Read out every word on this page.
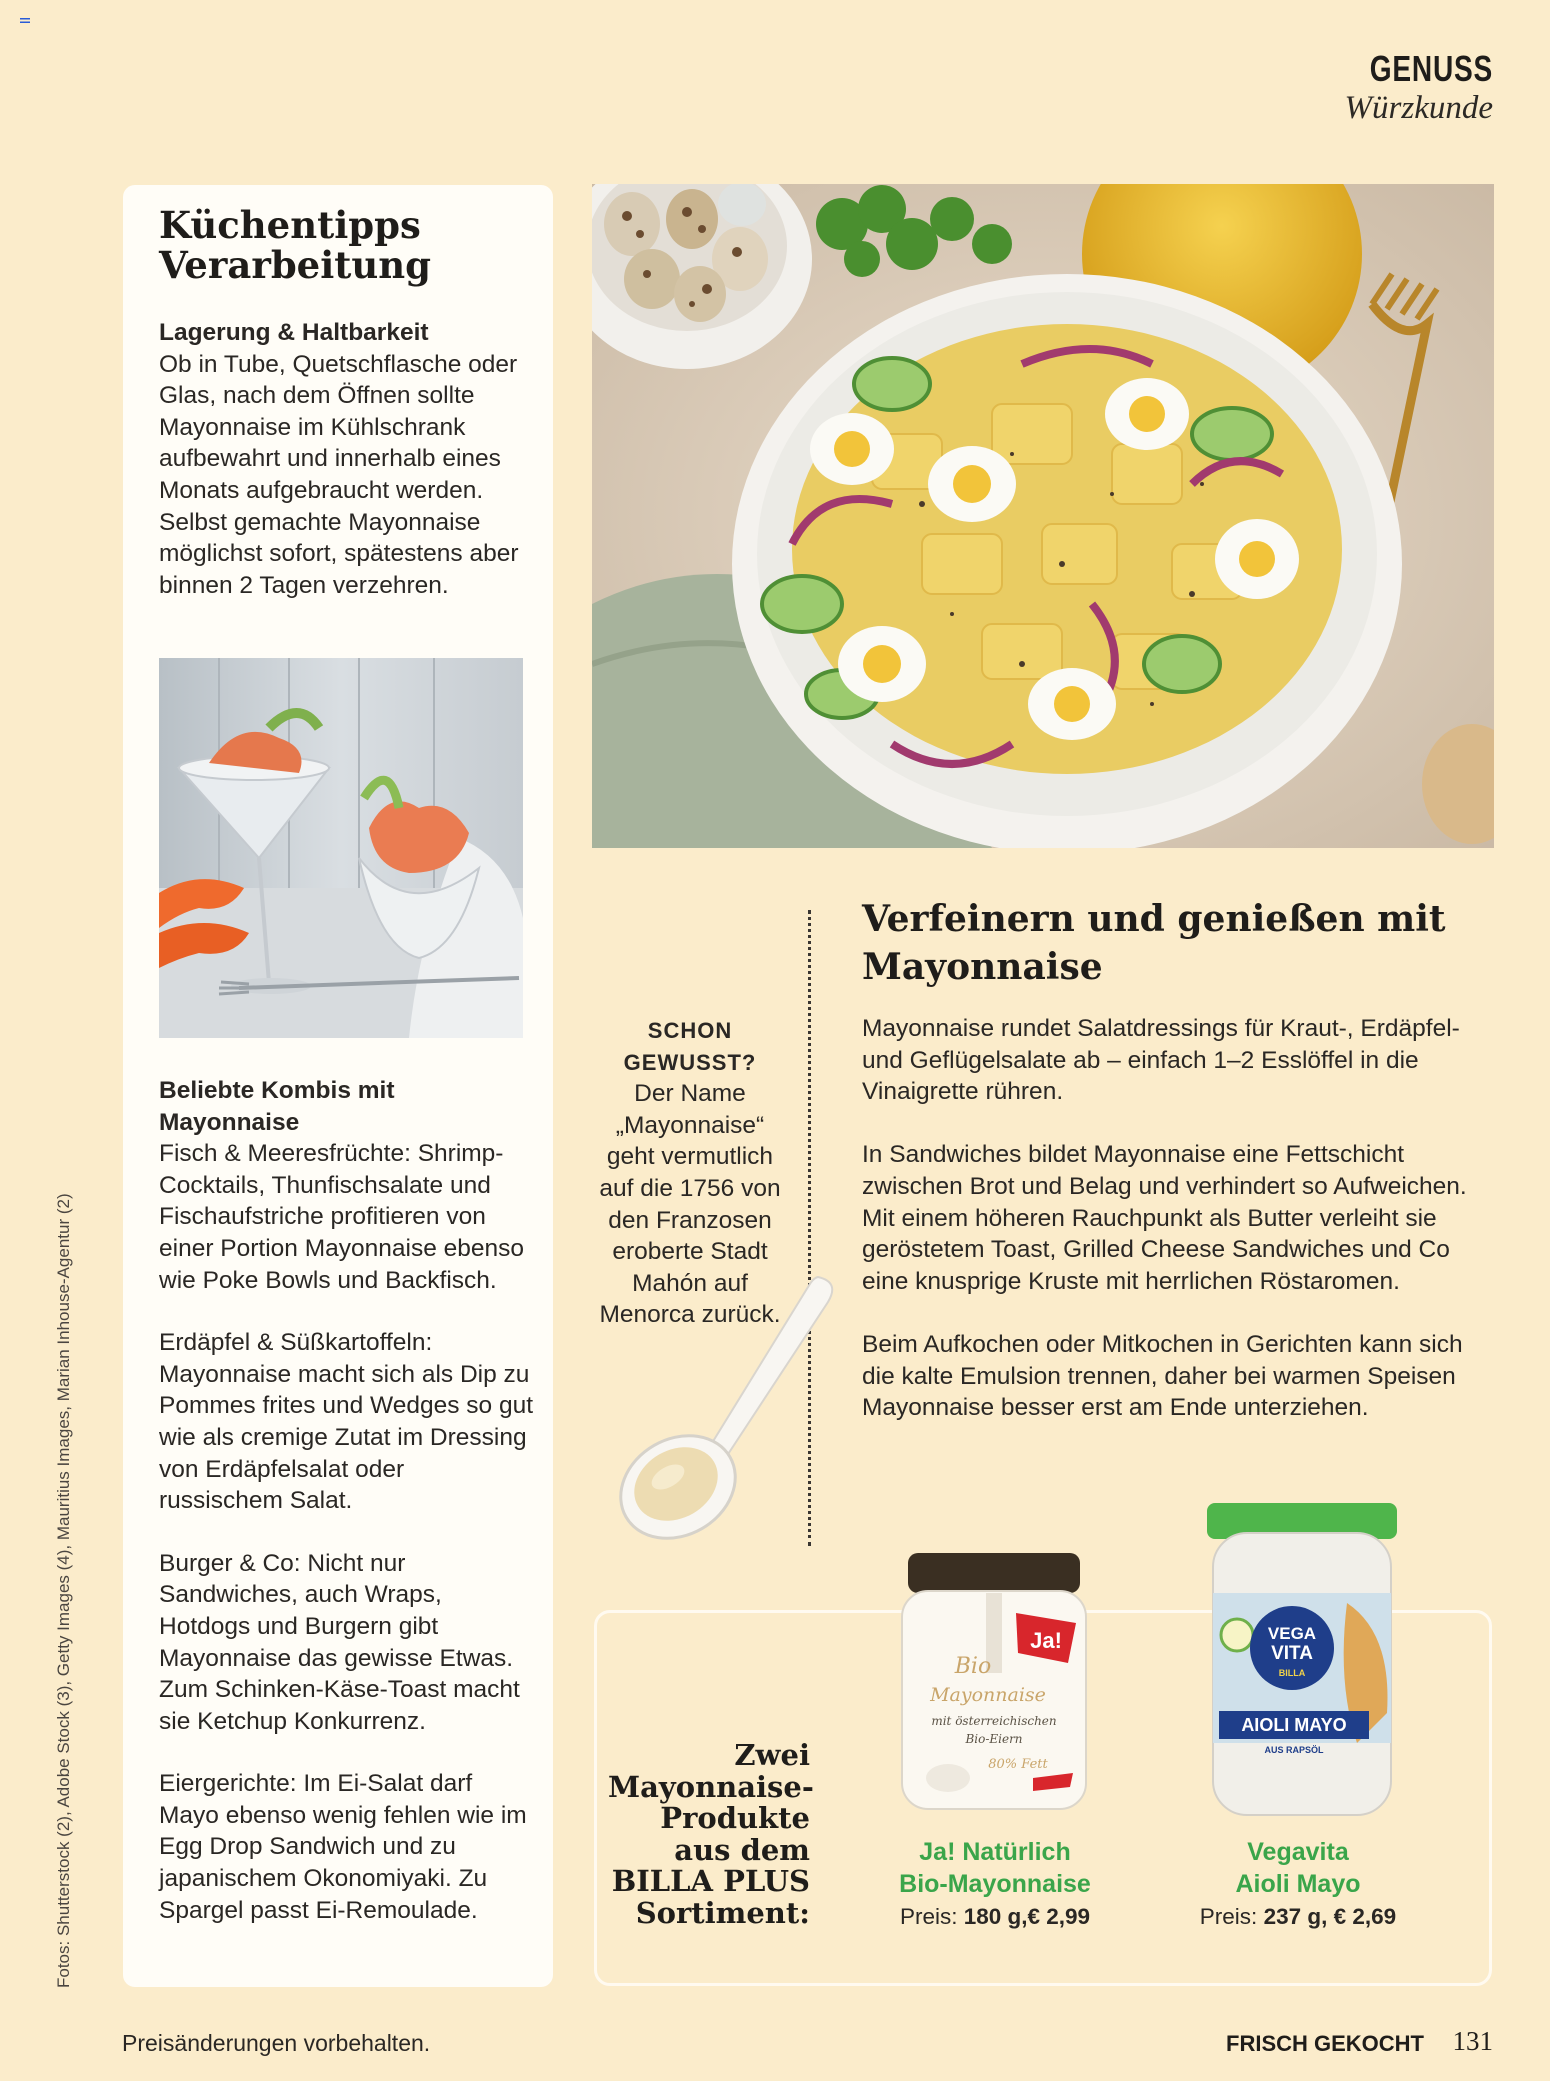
GENUSS
Würzkunde
Küchentipps Verarbeitung
Lagerung & Haltbarkeit

Ob in Tube, Quetschflasche oder Glas, nach dem Öffnen sollte Mayonnaise im Kühlschrank aufbewahrt und innerhalb eines Monats aufgebraucht werden. Selbst gemachte Mayonnaise möglichst sofort, spätestens aber binnen 2 Tagen verzehren.

Beliebte Kombis mit Mayonnaise

Fisch & Meeresfrüchte: Shrimp-Cocktails, Thunfischsalate und Fischaufstriche profitieren von einer Portion Mayonnaise ebenso wie Poke Bowls und Backfisch.

Erdäpfel & Süßkartoffeln: Mayonnaise macht sich als Dip zu Pommes frites und Wedges so gut wie als cremige Zutat im Dressing von Erdäpfelsalat oder russischem Salat.

Burger & Co: Nicht nur Sandwiches, auch Wraps, Hotdogs und Burgern gibt Mayonnaise das gewisse Etwas. Zum Schinken-Käse-Toast macht sie Ketchup Konkurrenz.

Eiergerichte: Im Ei-Salat darf Mayo ebenso wenig fehlen wie im Egg Drop Sandwich und zu japanischem Okonomiyaki. Zu Spargel passt Ei-Remoulade.

SCHON GEWUSST?
Der Name „Mayonnaise“ geht vermutlich auf die 1756 von den Franzosen eroberte Stadt Mahón auf Menorca zurück.
Verfeinern und genießen mit Mayonnaise

Mayonnaise rundet Salatdressings für Kraut-, Erdäpfel- und Geflügelsalate ab – einfach 1–2 Esslöffel in die Vinaigrette rühren.

In Sandwiches bildet Mayonnaise eine Fettschicht zwischen Brot und Belag und verhindert so Aufweichen. Mit einem höheren Rauchpunkt als Butter verleiht sie geröstetem Toast, Grilled Cheese Sandwiches und Co eine knusprige Kruste mit herrlichen Röstaromen.

Beim Aufkochen oder Mitkochen in Gerichten kann sich die kalte Emulsion trennen, daher bei warmen Speisen Mayonnaise besser erst am Ende unterziehen.

Zwei Mayonnaise-Produkte aus dem BILLA PLUS Sortiment:
Ja!
Bio
Mayonnaise
mit österreichischen
Bio-Eiern
80% Fett
VEGA
VITA
BILLA
AIOLI MAYO
AUS RAPSÖL
Ja! Natürlich
Bio-Mayonnaise
Preis: 180 g,€ 2,99
Vegavita
Aioli Mayo
Preis: 237 g, € 2,69
Fotos: Shutterstock (2), Adobe Stock (3), Getty Images (4), Mauritius Images, Marian Inhouse-Agentur (2)
Preisänderungen vorbehalten.	FRISCH GEKOCHT 131
